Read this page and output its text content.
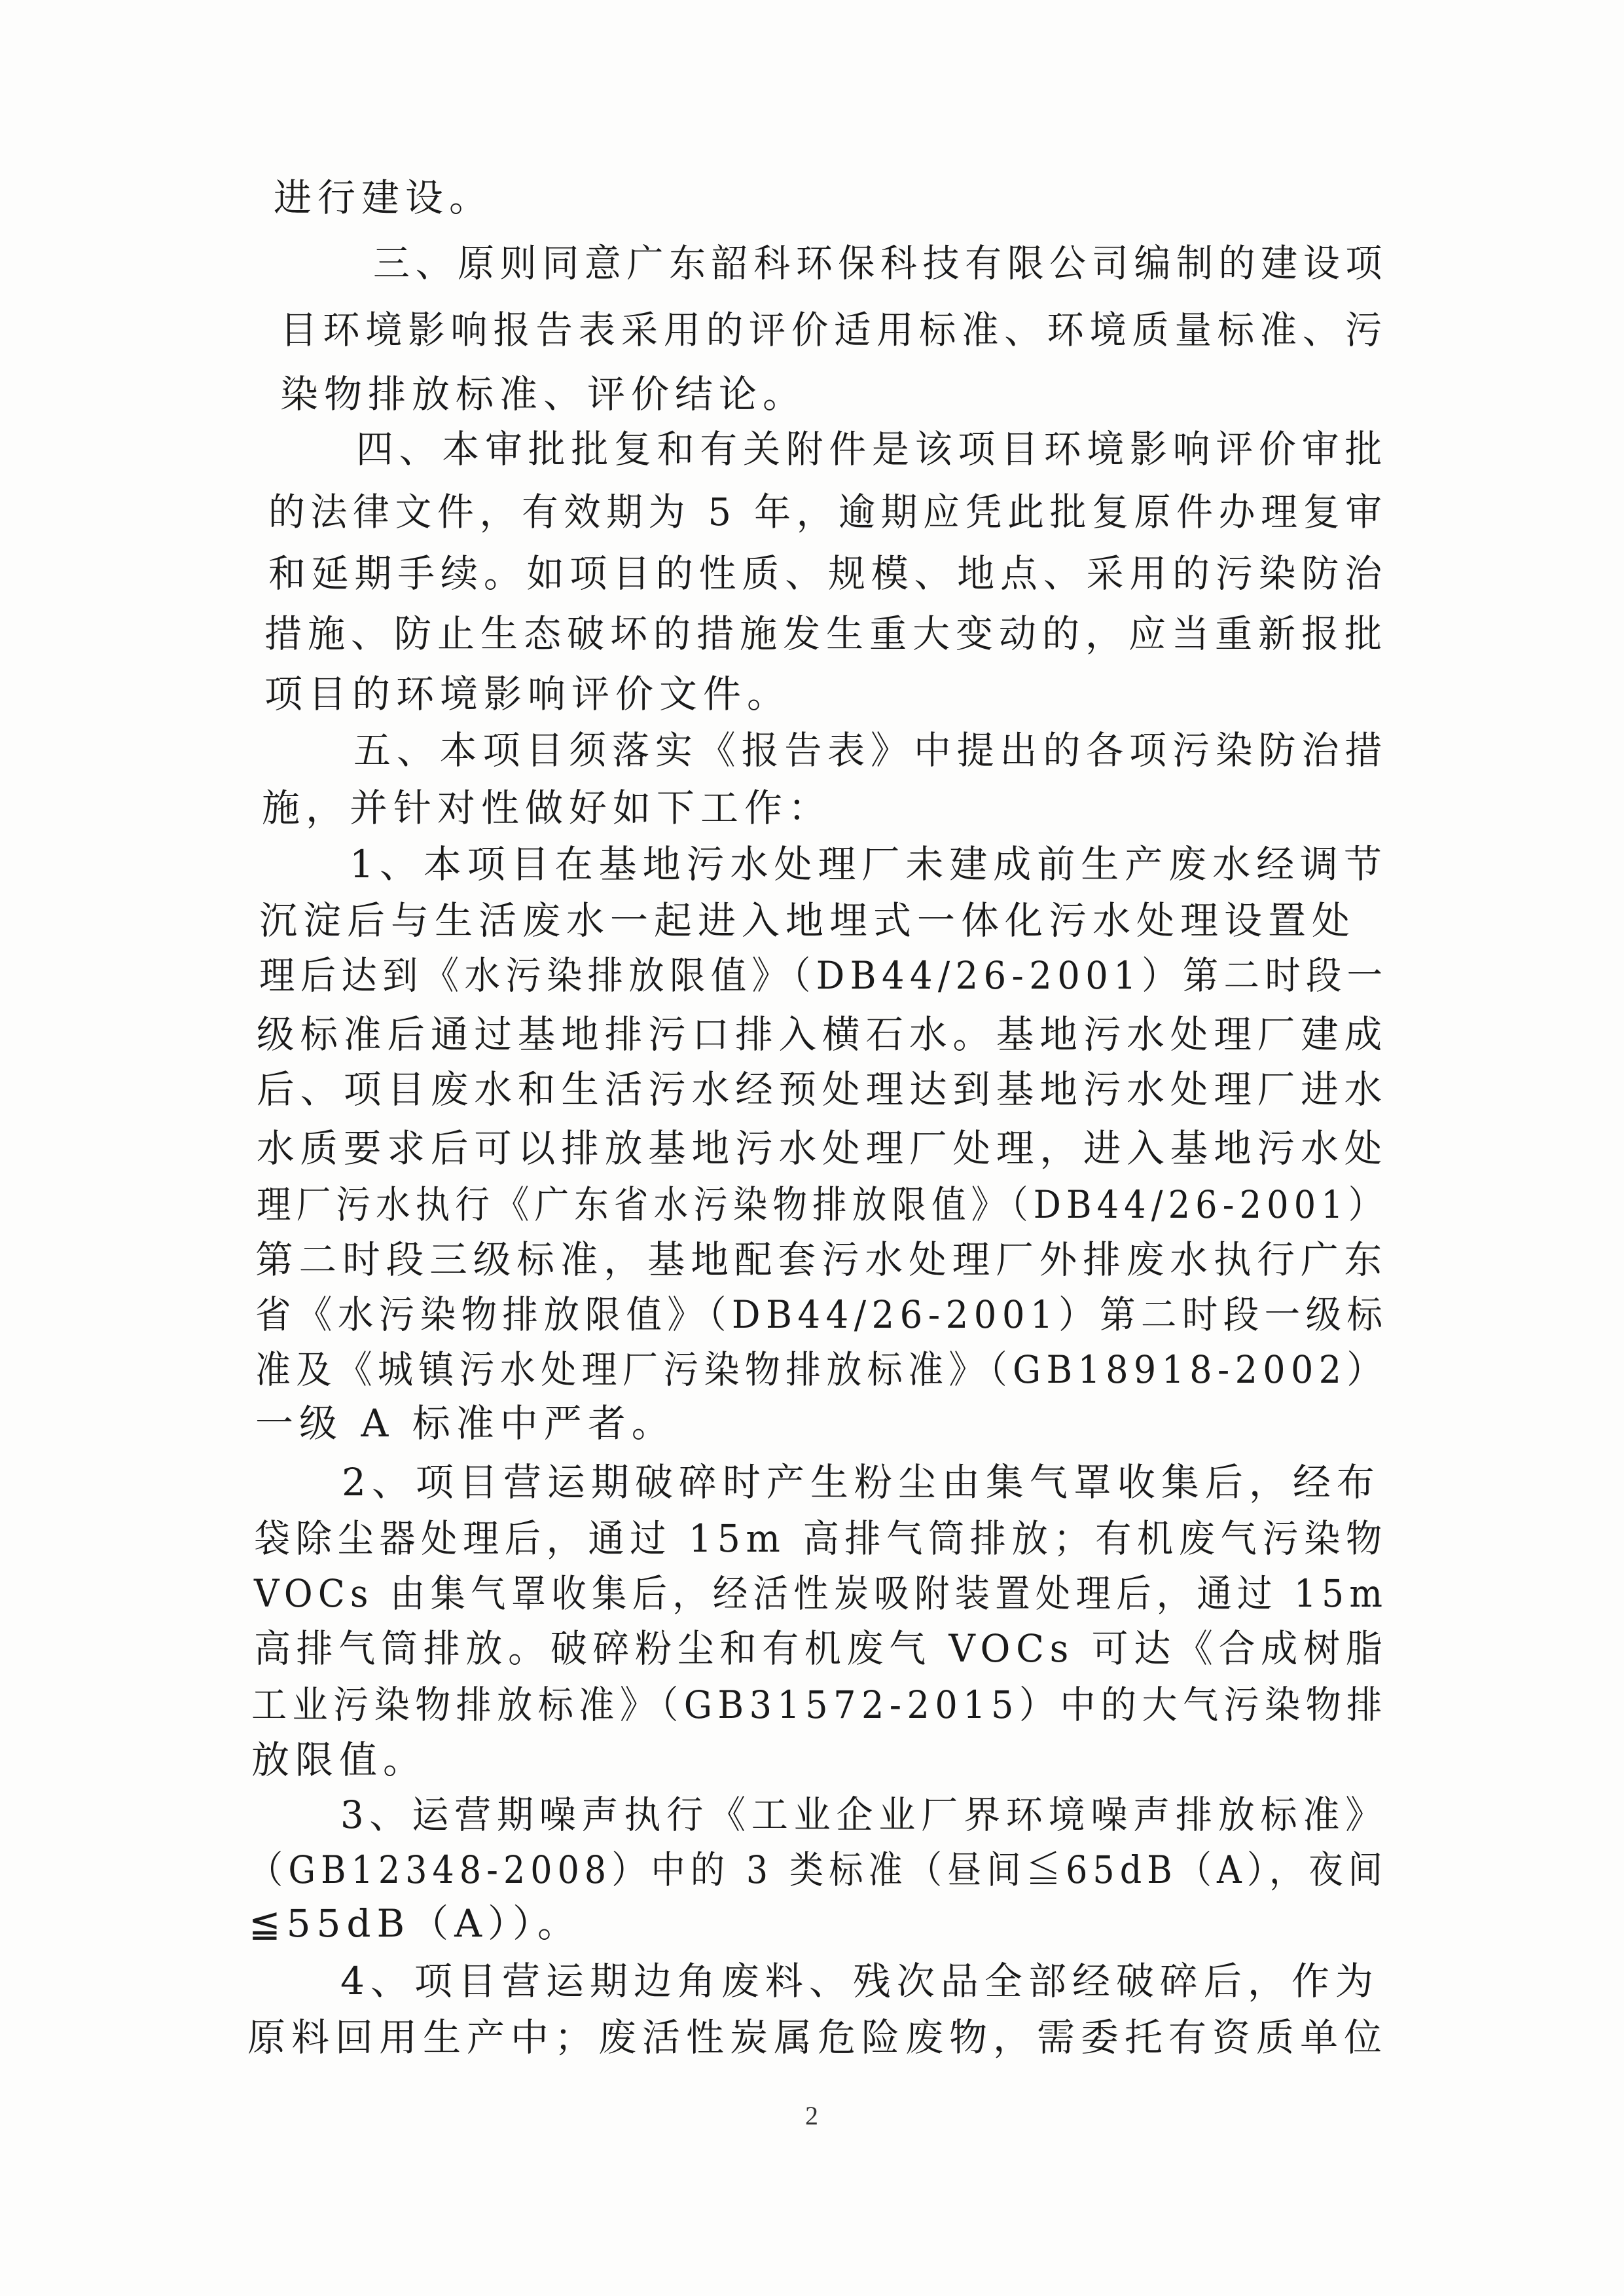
进行建设。
三、原则同意广东韶科环保科技有限公司编制的建设项
目环境影响报告表采用的评价适用标准、环境质量标准、污
染物排放标准、评价结论。
四、本审批批复和有关附件是该项目环境影响评价审批
的法律文件，有效期为 5 年，逾期应凭此批复原件办理复审
和延期手续。如项目的性质、规模、地点、采用的污染防治
措施、防止生态破坏的措施发生重大变动的，应当重新报批
项目的环境影响评价文件。
五、本项目须落实《报告表》中提出的各项污染防治措
施，并针对性做好如下工作：
1、本项目在基地污水处理厂未建成前生产废水经调节
沉淀后与生活废水一起进入地埋式一体化污水处理设置处
理后达到《水污染排放限值》（DB44/26-2001）第二时段一
级标准后通过基地排污口排入横石水。基地污水处理厂建成
后、项目废水和生活污水经预处理达到基地污水处理厂进水
水质要求后可以排放基地污水处理厂处理，进入基地污水处
理厂污水执行《广东省水污染物排放限值》（DB44/26-2001）
第二时段三级标准，基地配套污水处理厂外排废水执行广东
省《水污染物排放限值》（DB44/26-2001）第二时段一级标
准及《城镇污水处理厂污染物排放标准》（GB18918-2002）
一级 A 标准中严者。
2、项目营运期破碎时产生粉尘由集气罩收集后，经布
袋除尘器处理后，通过 15m 高排气筒排放；有机废气污染物
VOCs 由集气罩收集后，经活性炭吸附装置处理后，通过 15m
高排气筒排放。破碎粉尘和有机废气 VOCs 可达《合成树脂
工业污染物排放标准》（GB31572-2015）中的大气污染物排
放限值。
3、运营期噪声执行《工业企业厂界环境噪声排放标准》
（GB12348-2008）中的 3 类标准（昼间≦65dB（A），夜间
≦55dB（A））。
4、项目营运期边角废料、残次品全部经破碎后，作为
原料回用生产中；废活性炭属危险废物，需委托有资质单位
2
